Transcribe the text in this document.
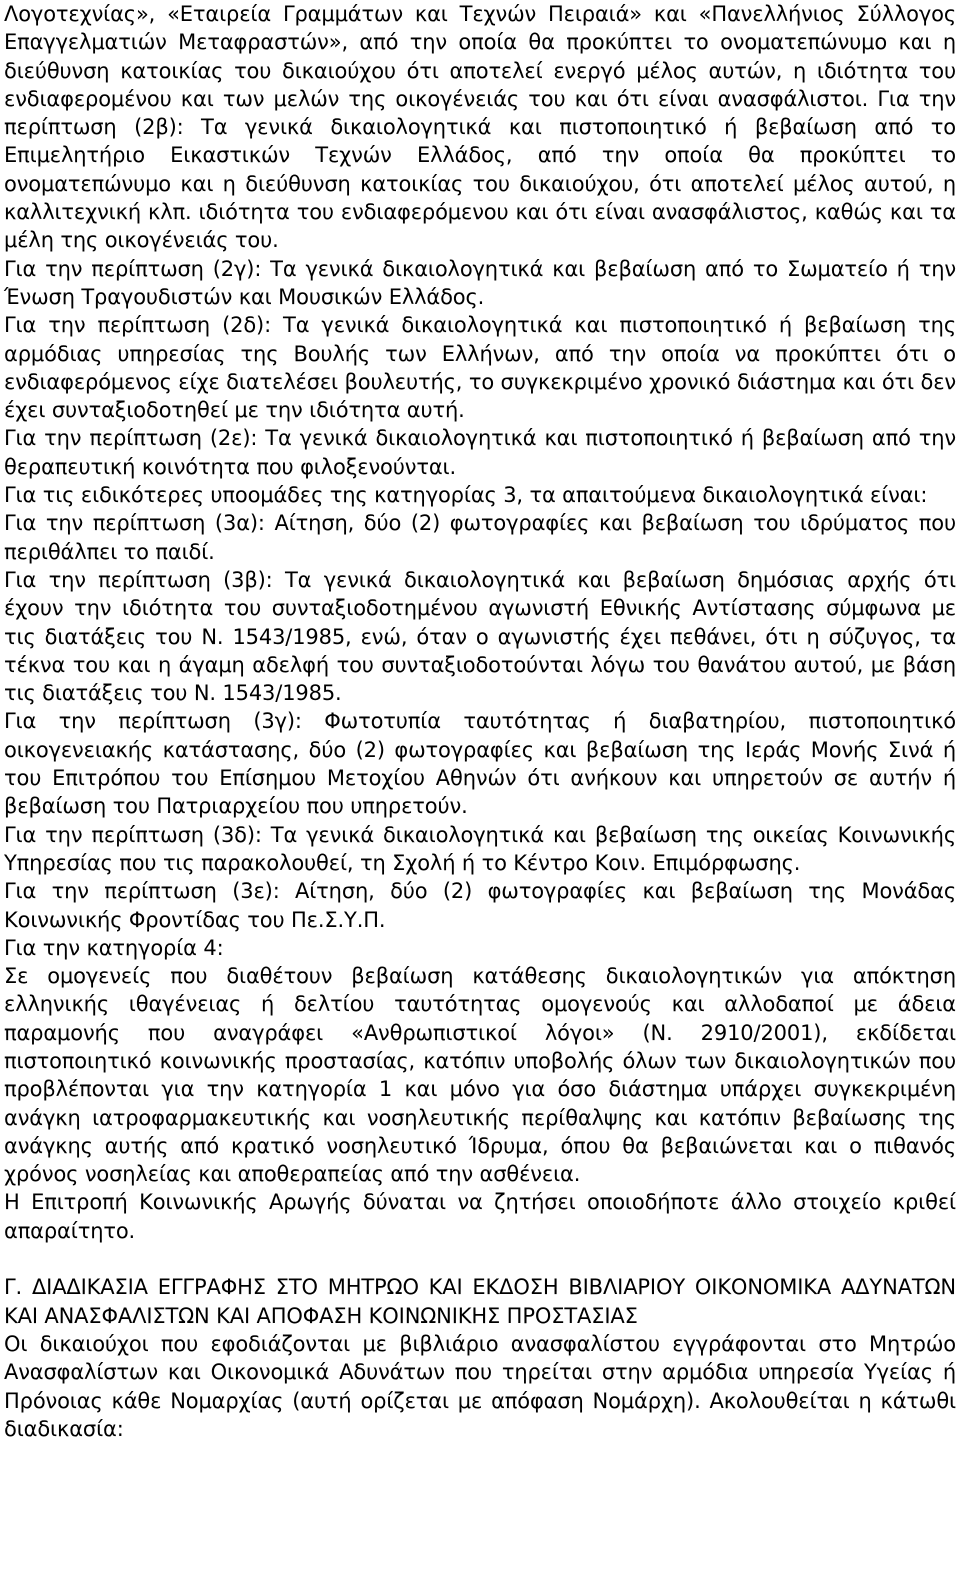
Λογοτεχνίας», «Εταιρεία Γραμμάτων και Τεχνών Πειραιά» και «Πανελλήνιος Σύλλογος Επαγγελματιών Μεταφραστών», από την οποία θα προκύπτει το ονοματεπώνυμο και η διεύθυνση κατοικίας του δικαιούχου ότι αποτελεί ενεργό μέλος αυτών, η ιδιότητα του ενδιαφερομένου και των μελών της οικογένειάς του και ότι είναι ανασφάλιστοι. Για την περίπτωση (2β): Τα γενικά δικαιολογητικά και πιστοποιητικό ή βεβαίωση από το Επιμελητήριο Εικαστικών Τεχνών Ελλάδος, από την οποία θα προκύπτει το ονοματεπώνυμο και η διεύθυνση κατοικίας του δικαιούχου, ότι αποτελεί μέλος αυτού, η καλλιτεχνική κλπ. ιδιότητα του ενδιαφερόμενου και ότι είναι ανασφάλιστος, καθώς και τα μέλη της οικογένειάς του.

Για την περίπτωση (2γ): Τα γενικά δικαιολογητικά και βεβαίωση από το Σωματείο ή την Ένωση Τραγουδιστών και Μουσικών Ελλάδος.

Για την περίπτωση (2δ): Τα γενικά δικαιολογητικά και πιστοποιητικό ή βεβαίωση της αρμόδιας υπηρεσίας της Βουλής των Ελλήνων, από την οποία να προκύπτει ότι ο ενδιαφερόμενος είχε διατελέσει βουλευτής, το συγκεκριμένο χρονικό διάστημα και ότι δεν έχει συνταξιοδοτηθεί με την ιδιότητα αυτή.

Για την περίπτωση (2ε): Τα γενικά δικαιολογητικά και πιστοποιητικό ή βεβαίωση από την θεραπευτική κοινότητα που φιλοξενούνται.

Για τις ειδικότερες υποομάδες της κατηγορίας 3, τα απαιτούμενα δικαιολογητικά είναι:

Για την περίπτωση (3α): Αίτηση, δύο (2) φωτογραφίες και βεβαίωση του ιδρύματος που περιθάλπει το παιδί.

Για την περίπτωση (3β): Τα γενικά δικαιολογητικά και βεβαίωση δημόσιας αρχής ότι έχουν την ιδιότητα του συνταξιοδοτημένου αγωνιστή Εθνικής Αντίστασης σύμφωνα με τις διατάξεις του Ν. 1543/1985, ενώ, όταν ο αγωνιστής έχει πεθάνει, ότι η σύζυγος, τα τέκνα του και η άγαμη αδελφή του συνταξιοδοτούνται λόγω του θανάτου αυτού, με βάση τις διατάξεις του Ν. 1543/1985.

Για την περίπτωση (3γ): Φωτοτυπία ταυτότητας ή διαβατηρίου, πιστοποιητικό οικογενειακής κατάστασης, δύο (2) φωτογραφίες και βεβαίωση της Ιεράς Μονής Σινά ή του Επιτρόπου του Επίσημου Μετοχίου Αθηνών ότι ανήκουν και υπηρετούν σε αυτήν ή βεβαίωση του Πατριαρχείου που υπηρετούν.

Για την περίπτωση (3δ): Τα γενικά δικαιολογητικά και βεβαίωση της οικείας Κοινωνικής Υπηρεσίας που τις παρακολουθεί, τη Σχολή ή το Κέντρο Κοιν. Επιμόρφωσης.

Για την περίπτωση (3ε): Αίτηση, δύο (2) φωτογραφίες και βεβαίωση της Μονάδας Κοινωνικής Φροντίδας του Πε.Σ.Υ.Π.

Για την κατηγορία 4:

Σε ομογενείς που διαθέτουν βεβαίωση κατάθεσης δικαιολογητικών για απόκτηση ελληνικής ιθαγένειας ή δελτίου ταυτότητας ομογενούς και αλλοδαποί με άδεια παραμονής που αναγράφει «Ανθρωπιστικοί λόγοι» (Ν. 2910/2001), εκδίδεται πιστοποιητικό κοινωνικής προστασίας, κατόπιν υποβολής όλων των δικαιολογητικών που προβλέπονται για την κατηγορία 1 και μόνο για όσο διάστημα υπάρχει συγκεκριμένη ανάγκη ιατροφαρμακευτικής και νοσηλευτικής περίθαλψης και κατόπιν βεβαίωσης της ανάγκης αυτής από κρατικό νοσηλευτικό Ίδρυμα, όπου θα βεβαιώνεται και ο πιθανός χρόνος νοσηλείας και αποθεραπείας από την ασθένεια.

Η Επιτροπή Κοινωνικής Αρωγής δύναται να ζητήσει οποιοδήποτε άλλο στοιχείο κριθεί απαραίτητο.

Γ. ΔΙΑΔΙΚΑΣΙΑ ΕΓΓΡΑΦΗΣ ΣΤΟ ΜΗΤΡΩΟ ΚΑΙ ΕΚΔΟΣΗ ΒΙΒΛΙΑΡΙΟΥ ΟΙΚΟΝΟΜΙΚΑ ΑΔΥΝΑΤΩΝ ΚΑΙ ΑΝΑΣΦΑΛΙΣΤΩΝ ΚΑΙ ΑΠΟΦΑΣΗ ΚΟΙΝΩΝΙΚΗΣ ΠΡΟΣΤΑΣΙΑΣ

Οι δικαιούχοι που εφοδιάζονται με βιβλιάριο ανασφαλίστου εγγράφονται στο Μητρώο Ανασφαλίστων και Οικονομικά Αδυνάτων που τηρείται στην αρμόδια υπηρεσία Υγείας ή Πρόνοιας κάθε Νομαρχίας (αυτή ορίζεται με απόφαση Νομάρχη). Ακολουθείται η κάτωθι διαδικασία:
